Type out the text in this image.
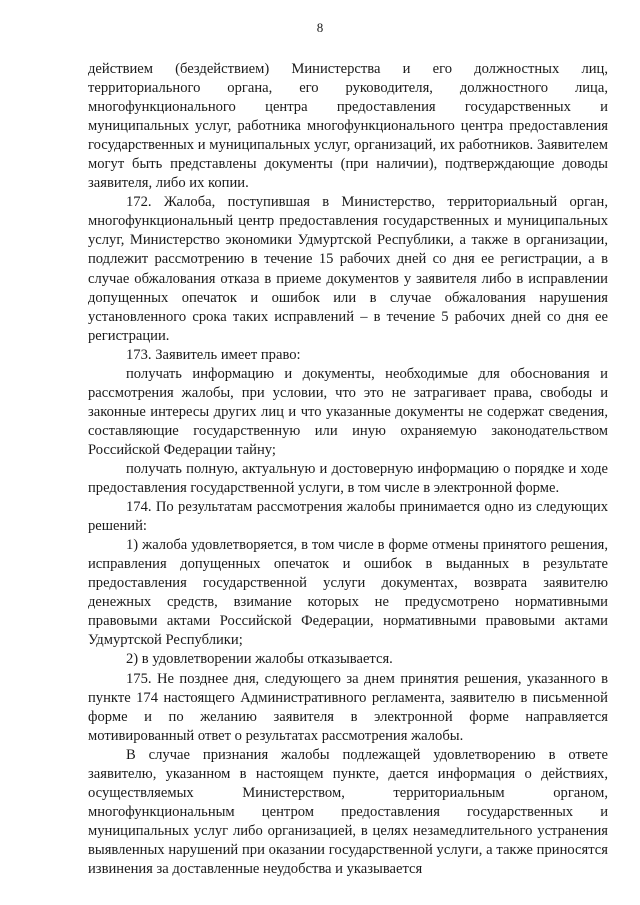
8

действием (бездействием) Министерства и его должностных лиц, территориального органа, его руководителя, должностного лица, многофункционального центра предоставления государственных и муниципальных услуг, работника многофункционального центра предоставления государственных и муниципальных услуг, организаций, их работников. Заявителем могут быть представлены документы (при наличии), подтверждающие доводы заявителя, либо их копии.

172. Жалоба, поступившая в Министерство, территориальный орган, многофункциональный центр предоставления государственных и муниципальных услуг, Министерство экономики Удмуртской Республики, а также в организации, подлежит рассмотрению в течение 15 рабочих дней со дня ее регистрации, а в случае обжалования отказа в приеме документов у заявителя либо в исправлении допущенных опечаток и ошибок или в случае обжалования нарушения установленного срока таких исправлений – в течение 5 рабочих дней со дня ее регистрации.

173. Заявитель имеет право:

получать информацию и документы, необходимые для обоснования и рассмотрения жалобы, при условии, что это не затрагивает права, свободы и законные интересы других лиц и что указанные документы не содержат сведения, составляющие государственную или иную охраняемую законодательством Российской Федерации тайну;

получать полную, актуальную и достоверную информацию о порядке и ходе предоставления государственной услуги, в том числе в электронной форме.

174. По результатам рассмотрения жалобы принимается одно из следующих решений:

1) жалоба удовлетворяется, в том числе в форме отмены принятого решения, исправления допущенных опечаток и ошибок в выданных в результате предоставления государственной услуги документах, возврата заявителю денежных средств, взимание которых не предусмотрено нормативными правовыми актами Российской Федерации, нормативными правовыми актами Удмуртской Республики;

2) в удовлетворении жалобы отказывается.

175. Не позднее дня, следующего за днем принятия решения, указанного в пункте 174 настоящего Административного регламента, заявителю в письменной форме и по желанию заявителя в электронной форме направляется мотивированный ответ о результатах рассмотрения жалобы.

В случае признания жалобы подлежащей удовлетворению в ответе заявителю, указанном в настоящем пункте, дается информация о действиях, осуществляемых Министерством, территориальным органом, многофункциональным центром предоставления государственных и муниципальных услуг либо организацией, в целях незамедлительного устранения выявленных нарушений при оказании государственной услуги, а также приносятся извинения за доставленные неудобства и указывается
